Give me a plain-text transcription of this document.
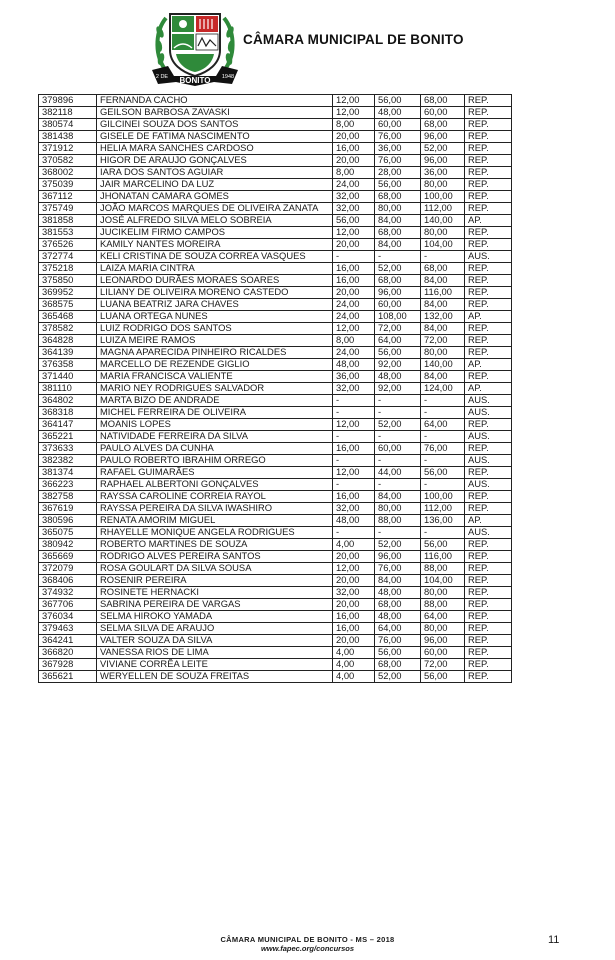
BONITO
2 DE	1948
CÂMARA MUNICIPAL DE BONITO
379896	FERNANDA CACHO	12,00	56,00	68,00	REP.
382118	GEILSON BARBOSA ZAVASKI	12,00	48,00	60,00	REP.
380574	GILCINEI SOUZA DOS SANTOS	8,00	60,00	68,00	REP.
381438	GISELE DE FATIMA NASCIMENTO	20,00	76,00	96,00	REP.
371912	HELIA MARA SANCHES CARDOSO	16,00	36,00	52,00	REP.
370582	HIGOR DE ARAUJO GONÇALVES	20,00	76,00	96,00	REP.
368002	IARA DOS SANTOS AGUIAR	8,00	28,00	36,00	REP.
375039	JAIR MARCELINO DA LUZ	24,00	56,00	80,00	REP.
367112	JHONATAN CAMARA GOMES	32,00	68,00	100,00	REP.
375749	JOÃO MARCOS MARQUES DE OLIVEIRA ZANATA	32,00	80,00	112,00	REP.
381858	JOSÉ ALFREDO SILVA MELO SOBREIA	56,00	84,00	140,00	AP.
381553	JUCIKELIM FIRMO CAMPOS	12,00	68,00	80,00	REP.
376526	KAMILY NANTES MOREIRA	20,00	84,00	104,00	REP.
372774	KELI CRISTINA DE SOUZA CORREA VASQUES	-	-	-	AUS.
375218	LAIZA MARIA CINTRA	16,00	52,00	68,00	REP.
375850	LEONARDO DURÃES MORAES SOARES	16,00	68,00	84,00	REP.
369952	LILIANY DE OLIVEIRA MORENO CASTEDO	20,00	96,00	116,00	REP.
368575	LUANA BEATRIZ JARA CHAVES	24,00	60,00	84,00	REP.
365468	LUANA ORTEGA NUNES	24,00	108,00	132,00	AP.
378582	LUIZ RODRIGO DOS SANTOS	12,00	72,00	84,00	REP.
364828	LUIZA MEIRE RAMOS	8,00	64,00	72,00	REP.
364139	MAGNA APARECIDA PINHEIRO RICALDES	24,00	56,00	80,00	REP.
376358	MARCELLO DE REZENDE GIGLIO	48,00	92,00	140,00	AP.
371440	MARIA FRANCISCA VALIENTE	36,00	48,00	84,00	REP.
381110	MARIO NEY RODRIGUES SALVADOR	32,00	92,00	124,00	AP.
364802	MARTA BIZO DE ANDRADE	-	-	-	AUS.
368318	MICHEL FERREIRA DE OLIVEIRA	-	-	-	AUS.
364147	MOANIS LOPES	12,00	52,00	64,00	REP.
365221	NATIVIDADE FERREIRA DA SILVA	-	-	-	AUS.
373633	PAULO ALVES DA CUNHA	16,00	60,00	76,00	REP.
382382	PAULO ROBERTO IBRAHIM ORREGO	-	-	-	AUS.
381374	RAFAEL GUIMARÃES	12,00	44,00	56,00	REP.
366223	RAPHAEL ALBERTONI GONÇALVES	-	-	-	AUS.
382758	RAYSSA CAROLINE CORREIA RAYOL	16,00	84,00	100,00	REP.
367619	RAYSSA PEREIRA DA SILVA IWASHIRO	32,00	80,00	112,00	REP.
380596	RENATA AMORIM MIGUEL	48,00	88,00	136,00	AP.
365075	RHAYELLE MONIQUE ANGELA RODRIGUES	-	-	-	AUS.
380942	ROBERTO MARTINES DE SOUZA	4,00	52,00	56,00	REP.
365669	RODRIGO ALVES PEREIRA SANTOS	20,00	96,00	116,00	REP.
372079	ROSA GOULART DA SILVA SOUSA	12,00	76,00	88,00	REP.
368406	ROSENIR PEREIRA	20,00	84,00	104,00	REP.
374932	ROSINETE HERNACKI	32,00	48,00	80,00	REP.
367706	SABRINA PEREIRA DE VARGAS	20,00	68,00	88,00	REP.
376034	SELMA HIROKO YAMADA	16,00	48,00	64,00	REP.
379463	SELMA SILVA DE ARAUJO	16,00	64,00	80,00	REP.
364241	VALTER SOUZA DA SILVA	20,00	76,00	96,00	REP.
366820	VANESSA RIOS DE LIMA	4,00	56,00	60,00	REP.
367928	VIVIANE CORRÊA LEITE	4,00	68,00	72,00	REP.
365621	WERYELLEN DE SOUZA FREITAS	4,00	52,00	56,00	REP.
CÂMARA MUNICIPAL DE BONITO - MS – 2018
www.fapec.org/concursos
11
